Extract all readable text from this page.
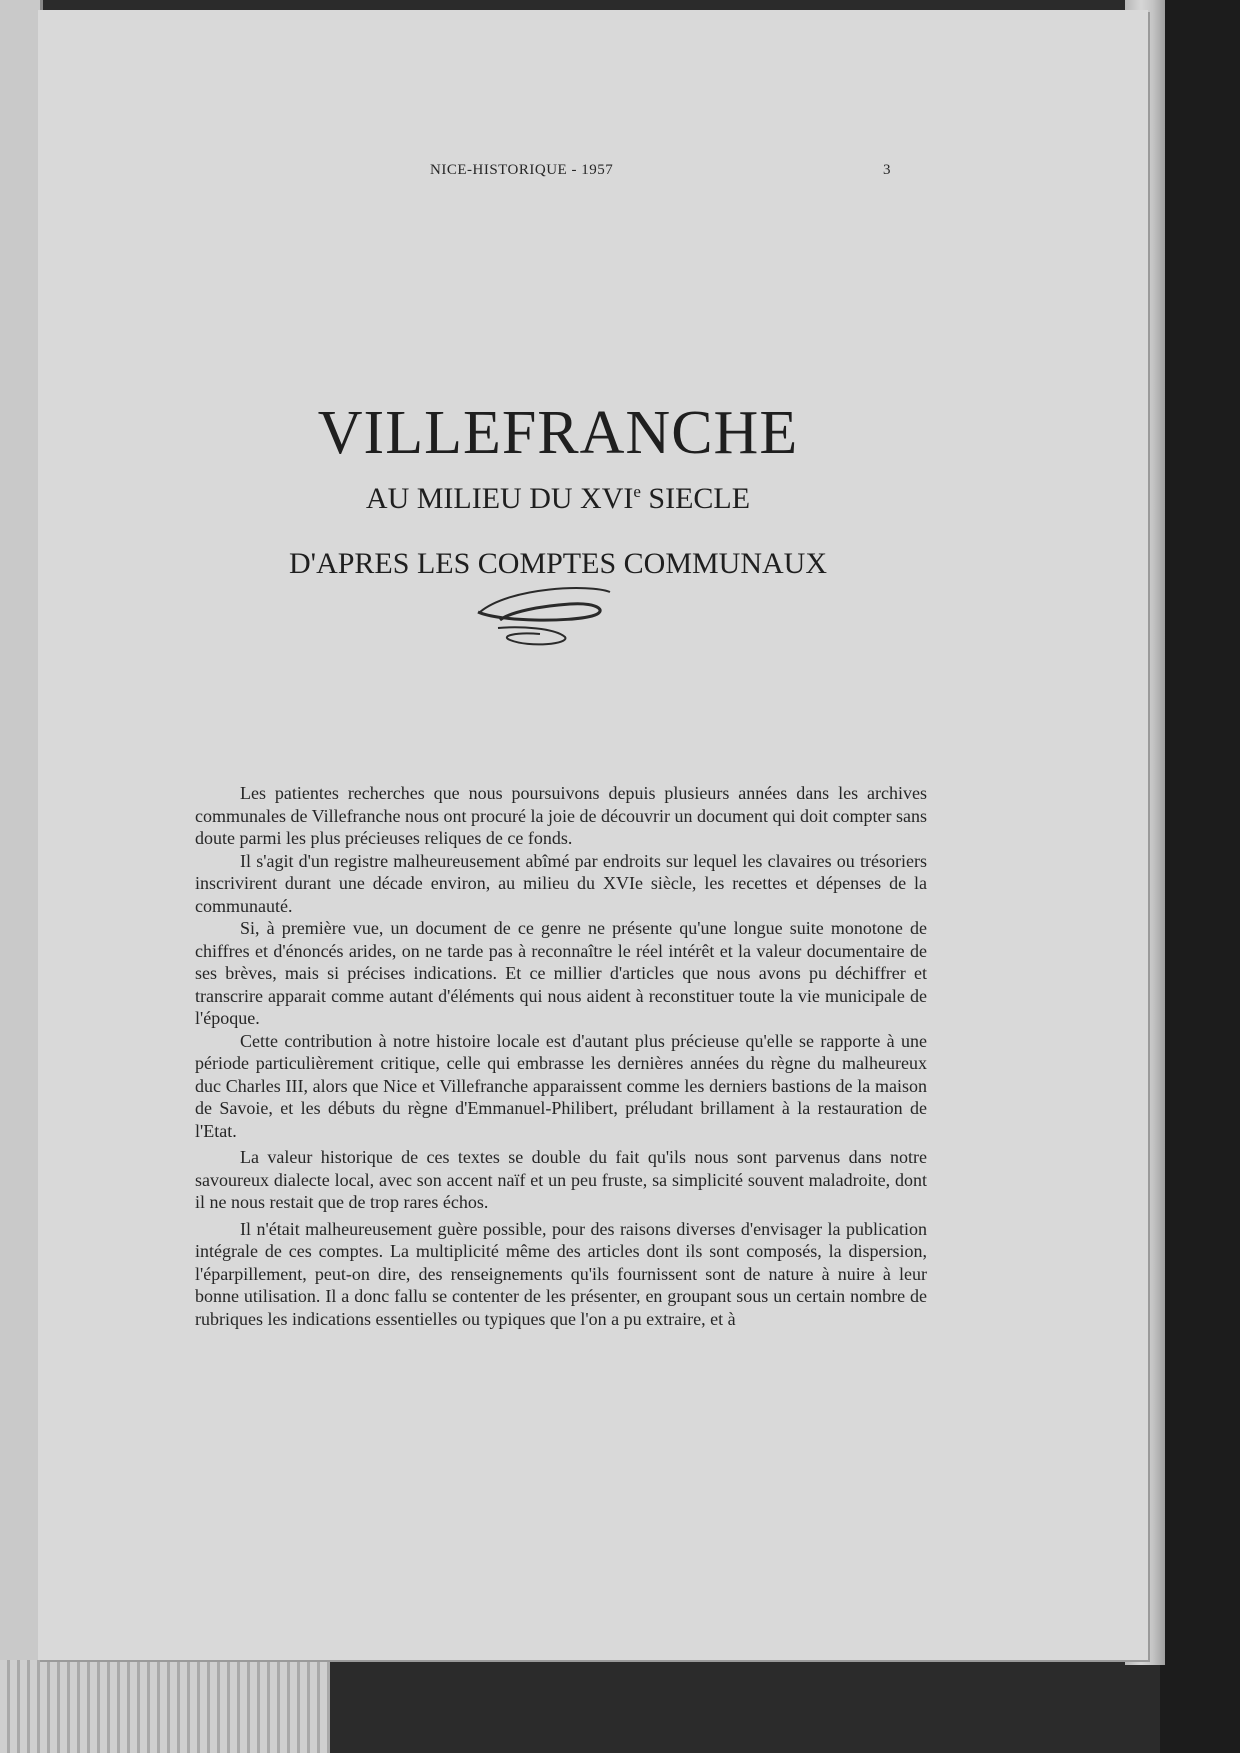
NICE-HISTORIQUE - 1957	3
VILLEFRANCHE
AU MILIEU DU XVIe SIECLE
D'APRES LES COMPTES COMMUNAUX

Les patientes recherches que nous poursuivons depuis plusieurs années dans les archives communales de Villefranche nous ont procuré la joie de découvrir un document qui doit compter sans doute parmi les plus précieuses reliques de ce fonds.

Il s'agit d'un registre malheureusement abîmé par endroits sur lequel les clavaires ou trésoriers inscrivirent durant une décade environ, au milieu du XVIe siècle, les recettes et dépenses de la communauté.

Si, à première vue, un document de ce genre ne présente qu'une longue suite monotone de chiffres et d'énoncés arides, on ne tarde pas à reconnaître le réel intérêt et la valeur documentaire de ses brèves, mais si précises indications. Et ce millier d'articles que nous avons pu déchiffrer et transcrire apparait comme autant d'éléments qui nous aident à reconstituer toute la vie municipale de l'époque.

Cette contribution à notre histoire locale est d'autant plus précieuse qu'elle se rapporte à une période particulièrement critique, celle qui embrasse les dernières années du règne du malheureux duc Charles III, alors que Nice et Villefranche apparaissent comme les derniers bastions de la maison de Savoie, et les débuts du règne d'Emmanuel-Philibert, préludant brillament à la restauration de l'Etat.

La valeur historique de ces textes se double du fait qu'ils nous sont parvenus dans notre savoureux dialecte local, avec son accent naïf et un peu fruste, sa simplicité souvent maladroite, dont il ne nous restait que de trop rares échos.

Il n'était malheureusement guère possible, pour des raisons diverses d'envisager la publication intégrale de ces comptes. La multiplicité même des articles dont ils sont composés, la dispersion, l'éparpillement, peut-on dire, des renseignements qu'ils fournissent sont de nature à nuire à leur bonne utilisation. Il a donc fallu se contenter de les présenter, en groupant sous un certain nombre de rubriques les indications essentielles ou typiques que l'on a pu extraire, et à
